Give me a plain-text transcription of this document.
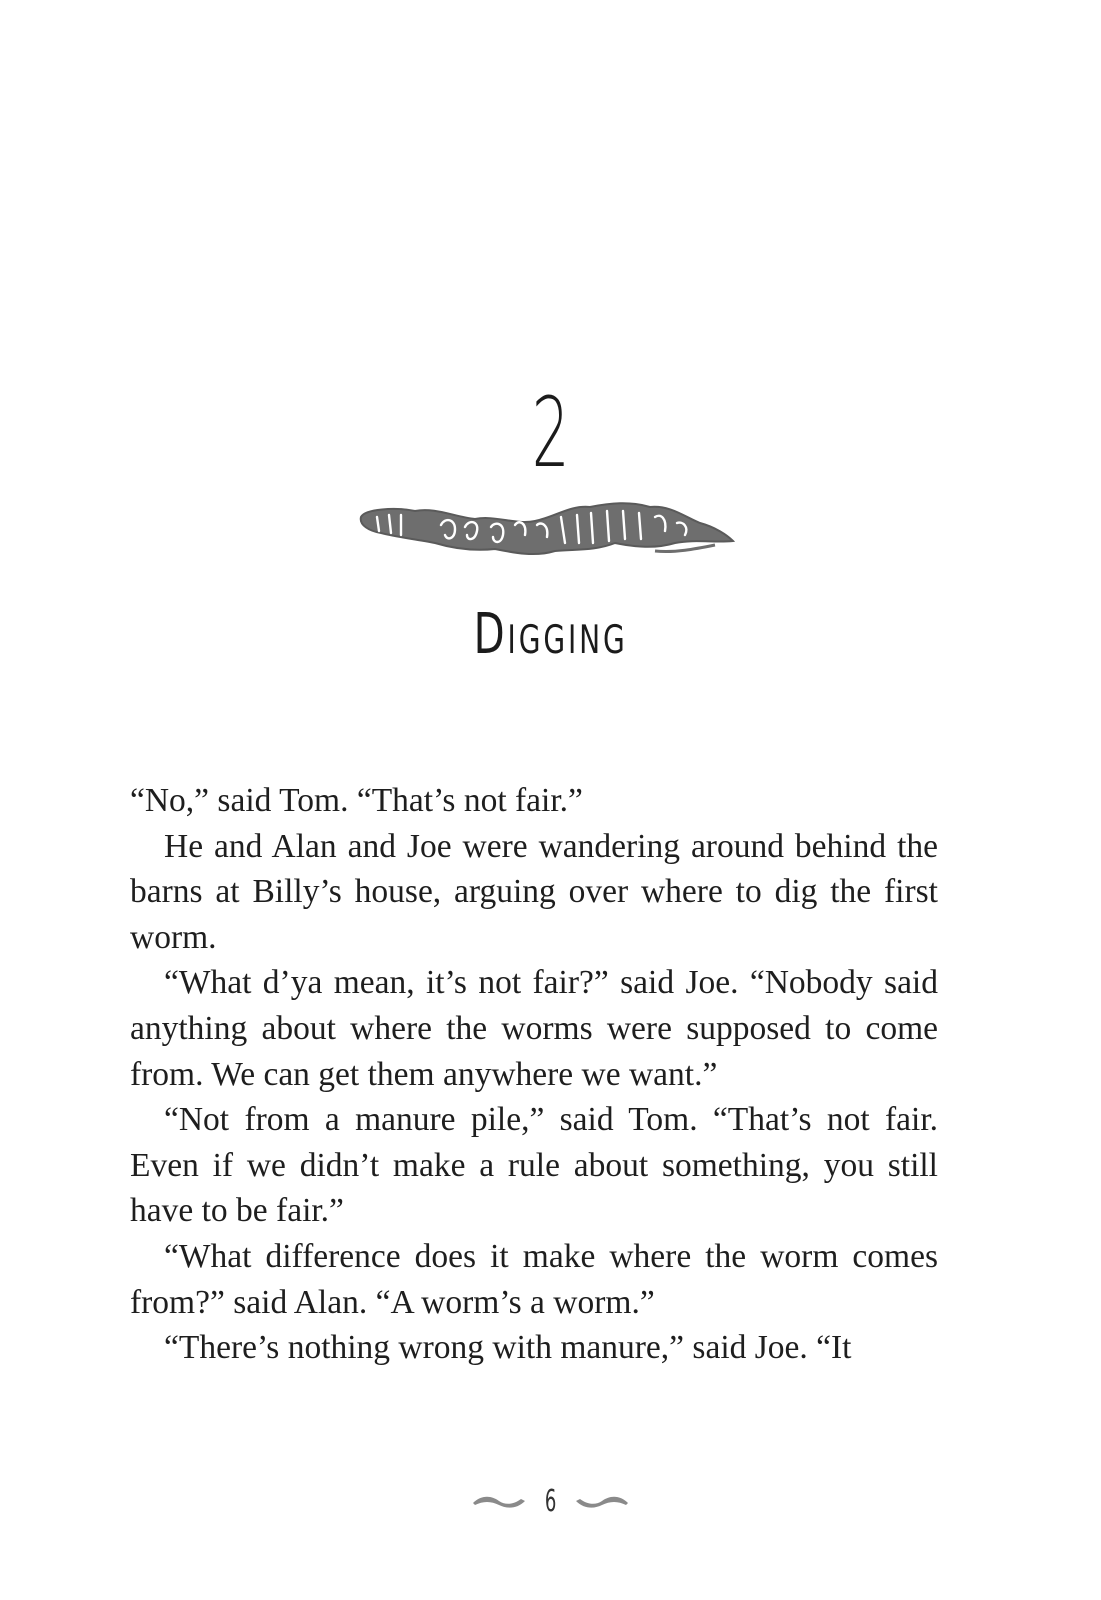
2
Digging

“No,” said Tom. “That’s not fair.”

He and Alan and Joe were wandering around behind the barns at Billy’s house, arguing over where to dig the first worm.

“What d’ya mean, it’s not fair?” said Joe. “Nobody said anything about where the worms were supposed to come from. We can get them anywhere we want.”

“Not from a manure pile,” said Tom. “That’s not fair. Even if we didn’t make a rule about something, you still have to be fair.”

“What difference does it make where the worm comes from?” said Alan. “A worm’s a worm.”

“There’s nothing wrong with manure,” said Joe. “It

6
